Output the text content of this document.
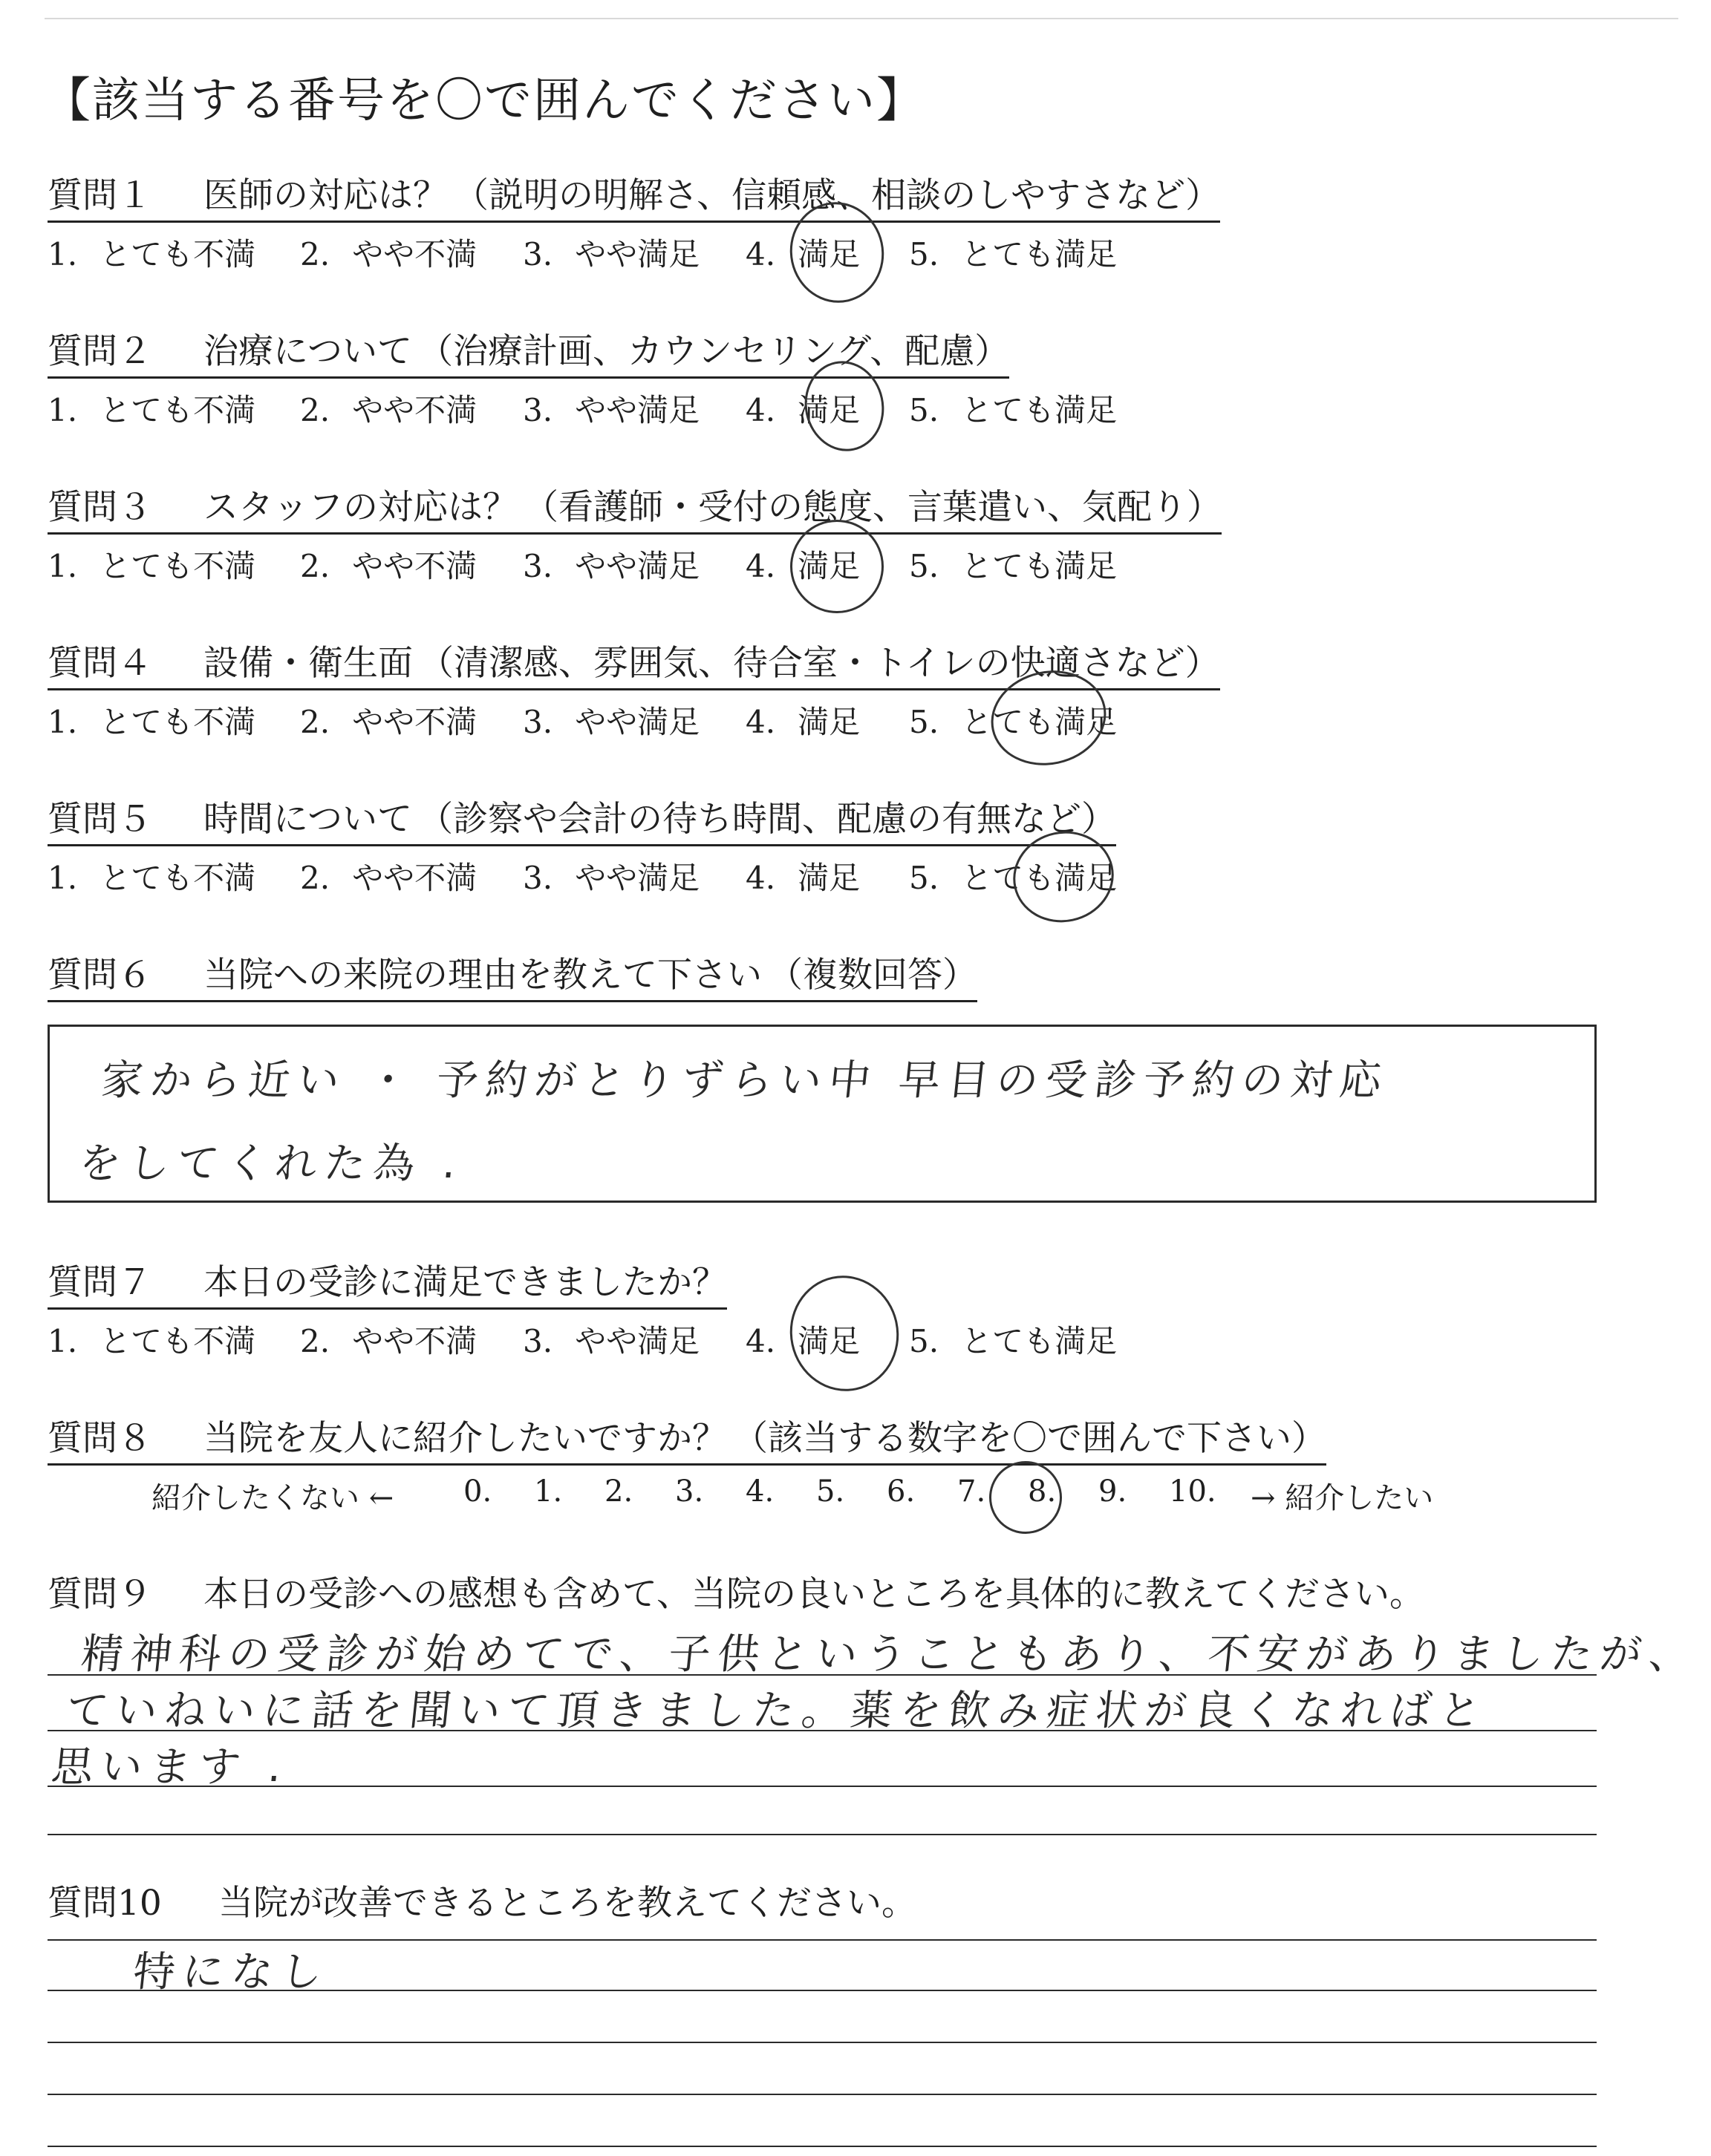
【該当する番号を〇で囲んでください】
質問１ 医師の対応は？ （説明の明解さ、信頼感、相談のしやすさなど）
1. とても不満 2. やや不満 3. やや満足 4. 満足 5. とても満足
質問２ 治療について （治療計画、カウンセリング、配慮）
1. とても不満 2. やや不満 3. やや満足 4. 満足 5. とても満足
質問３ スタッフの対応は？ （看護師・受付の態度、言葉遣い、気配り）
1. とても不満 2. やや不満 3. やや満足 4. 満足 5. とても満足
質問４ 設備・衛生面 （清潔感、雰囲気、待合室・トイレの快適さなど）
1. とても不満 2. やや不満 3. やや満足 4. 満足 5. とても満足
質問５ 時間について （診察や会計の待ち時間、配慮の有無など）
1. とても不満 2. やや不満 3. やや満足 4. 満足 5. とても満足
質問６ 当院への来院の理由を教えて下さい （複数回答）
家から近い ・ 予約がとりずらい中 早目の受診予約の対応
をしてくれた為 .
質問７ 本日の受診に満足できましたか？
1. とても不満 2. やや不満 3. やや満足 4. 満足 5. とても満足
質問８ 当院を友人に紹介したいですか？ （該当する数字を〇で囲んで下さい）
紹介したくない ← 0. 1. 2. 3. 4. 5. 6. 7. 8. 9. 10. → 紹介したい
質問９ 本日の受診への感想も含めて、当院の良いところを具体的に教えてください。
精神科の受診が始めてで、子供ということもあり、不安がありましたが、
ていねいに話を聞いて頂きました。薬を飲み症状が良くなればと
思います .
質問10 当院が改善できるところを教えてください。
特になし
